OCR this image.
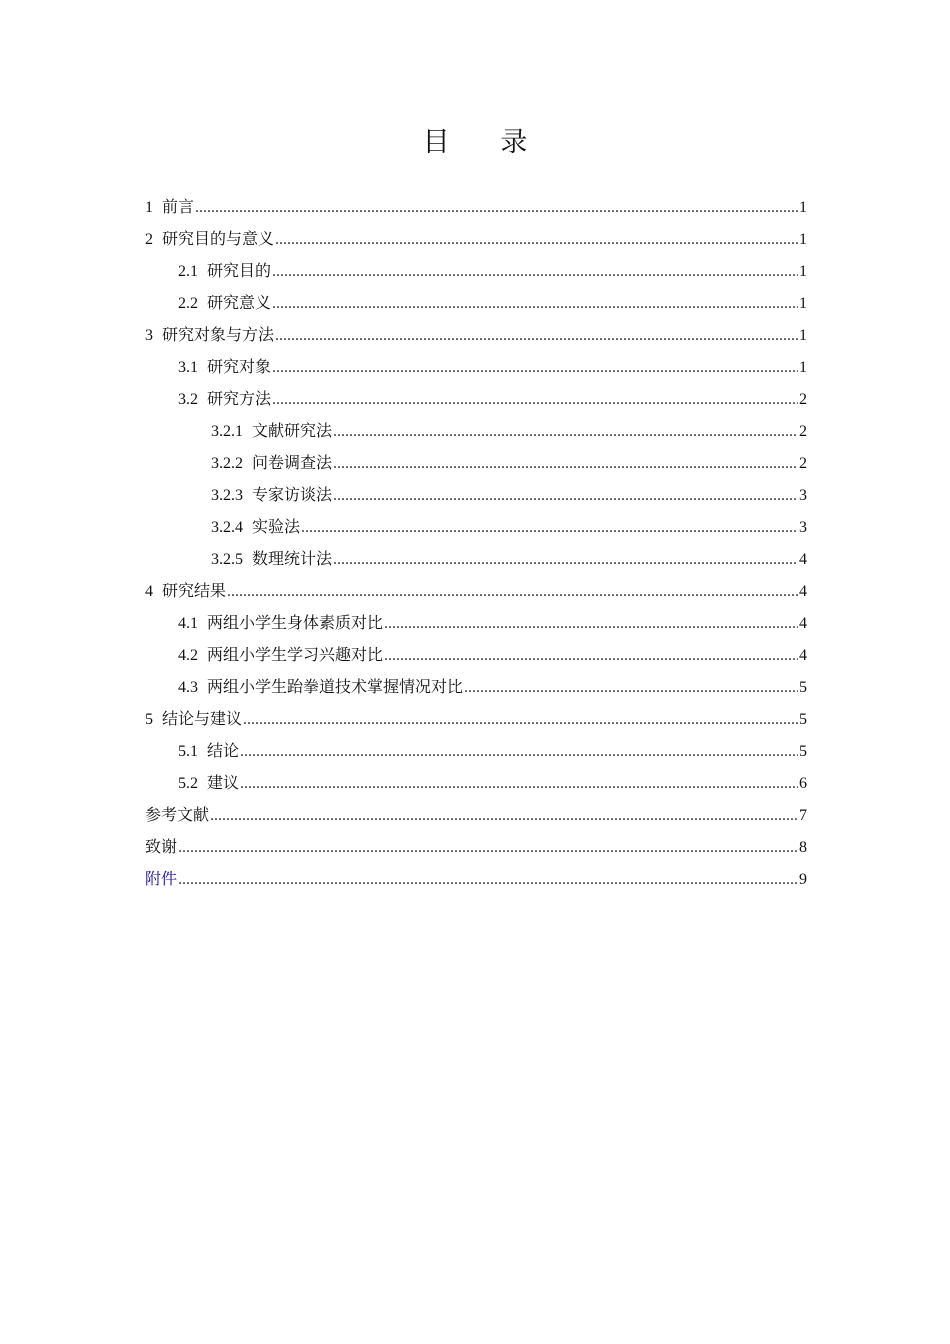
目 录
1 前言 .....	1
2 研究目的与意义 .....	1
2.1 研究目的 .....	1
2.2 研究意义 .....	1
3 研究对象与方法 .....	1
3.1 研究对象 .....	1
3.2 研究方法 .....	2
3.2.1 文献研究法 .....	2
3.2.2 问卷调查法 .....	2
3.2.3 专家访谈法 .....	3
3.2.4 实验法 .....	3
3.2.5 数理统计法 .....	4
4 研究结果 .....	4
4.1 两组小学生身体素质对比 .....	4
4.2 两组小学生学习兴趣对比 .....	4
4.3 两组小学生跆拳道技术掌握情况对比 .....	5
5 结论与建议 .....	5
5.1 结论 .....	5
5.2 建议 .....	6
参考文献 .....	7
致谢 .....	8
附件 .....	9
